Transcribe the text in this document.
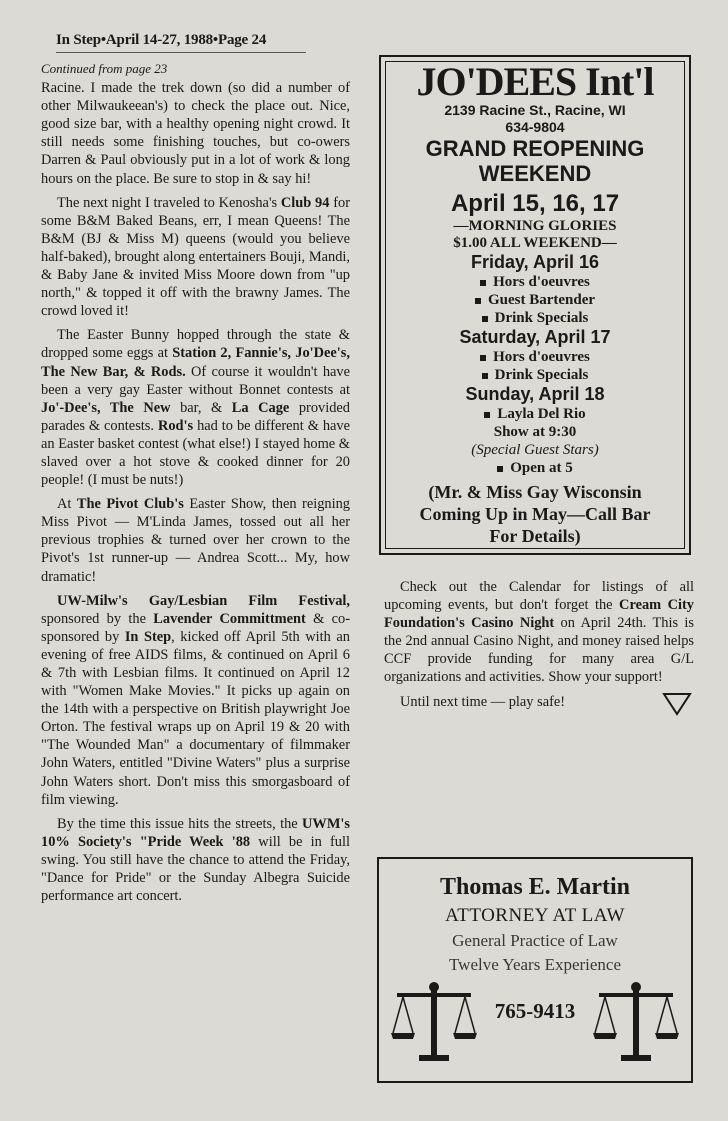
In Step•April 14-27, 1988•Page 24
Continued from page 23

Racine. I made the trek down (so did a number of other Milwaukeean's) to check the place out. Nice, good size bar, with a healthy opening night crowd. It still needs some finishing touches, but co-owers Darren & Paul obviously put in a lot of work & long hours on the place. Be sure to stop in & say hi!

The next night I traveled to Kenosha's Club 94 for some B&M Baked Beans, err, I mean Queens! The B&M (BJ & Miss M) queens (would you believe half-baked), brought along entertainers Bouji, Mandi, & Baby Jane & invited Miss Moore down from "up north," & topped it off with the brawny James. The crowd loved it!

The Easter Bunny hopped through the state & dropped some eggs at Station 2, Fannie's, Jo'Dee's, The New Bar, & Rods. Of course it wouldn't have been a very gay Easter without Bonnet contests at Jo'-Dee's, The New bar, & La Cage provided parades & contests. Rod's had to be different & have an Easter basket contest (what else!) I stayed home & slaved over a hot stove & cooked dinner for 20 people! (I must be nuts!)

At The Pivot Club's Easter Show, then reigning Miss Pivot — M'Linda James, tossed out all her previous trophies & turned over her crown to the Pivot's 1st runner-up — Andrea Scott... My, how dramatic!

UW-Milw's Gay/Lesbian Film Festival, sponsored by the Lavender Committment & co-sponsored by In Step, kicked off April 5th with an evening of free AIDS films, & continued on April 6 & 7th with Lesbian films. It continued on April 12 with "Women Make Movies." It picks up again on the 14th with a perspective on British playwright Joe Orton. The festival wraps up on April 19 & 20 with "The Wounded Man" a documentary of filmmaker John Waters, entitled "Divine Waters" plus a surprise John Waters short. Don't miss this smorgasboard of film viewing.

By the time this issue hits the streets, the UWM's 10% Society's "Pride Week '88 will be in full swing. You still have the chance to attend the Friday, "Dance for Pride" or the Sunday Albegra Suicide performance art concert.

JO'DEES Int'l
2139 Racine St., Racine, WI
634-9804
GRAND REOPENING
WEEKEND
April 15, 16, 17
—MORNING GLORIES
$1.00 ALL WEEKEND—
Friday, April 16
Hors d'oeuvres
Guest Bartender
Drink Specials
Saturday, April 17
Hors d'oeuvres
Drink Specials
Sunday, April 18
Layla Del Rio
Show at 9:30
(Special Guest Stars)
Open at 5
(Mr. & Miss Gay Wisconsin
Coming Up in May—Call Bar
For Details)

Check out the Calendar for listings of all upcoming events, but don't forget the Cream City Foundation's Casino Night on April 24th. This is the 2nd annual Casino Night, and money raised helps CCF provide funding for many area G/L organizations and activities. Show your support!

Until next time — play safe!

Thomas E. Martin
ATTORNEY AT LAW
General Practice of Law
Twelve Years Experience
765-9413
